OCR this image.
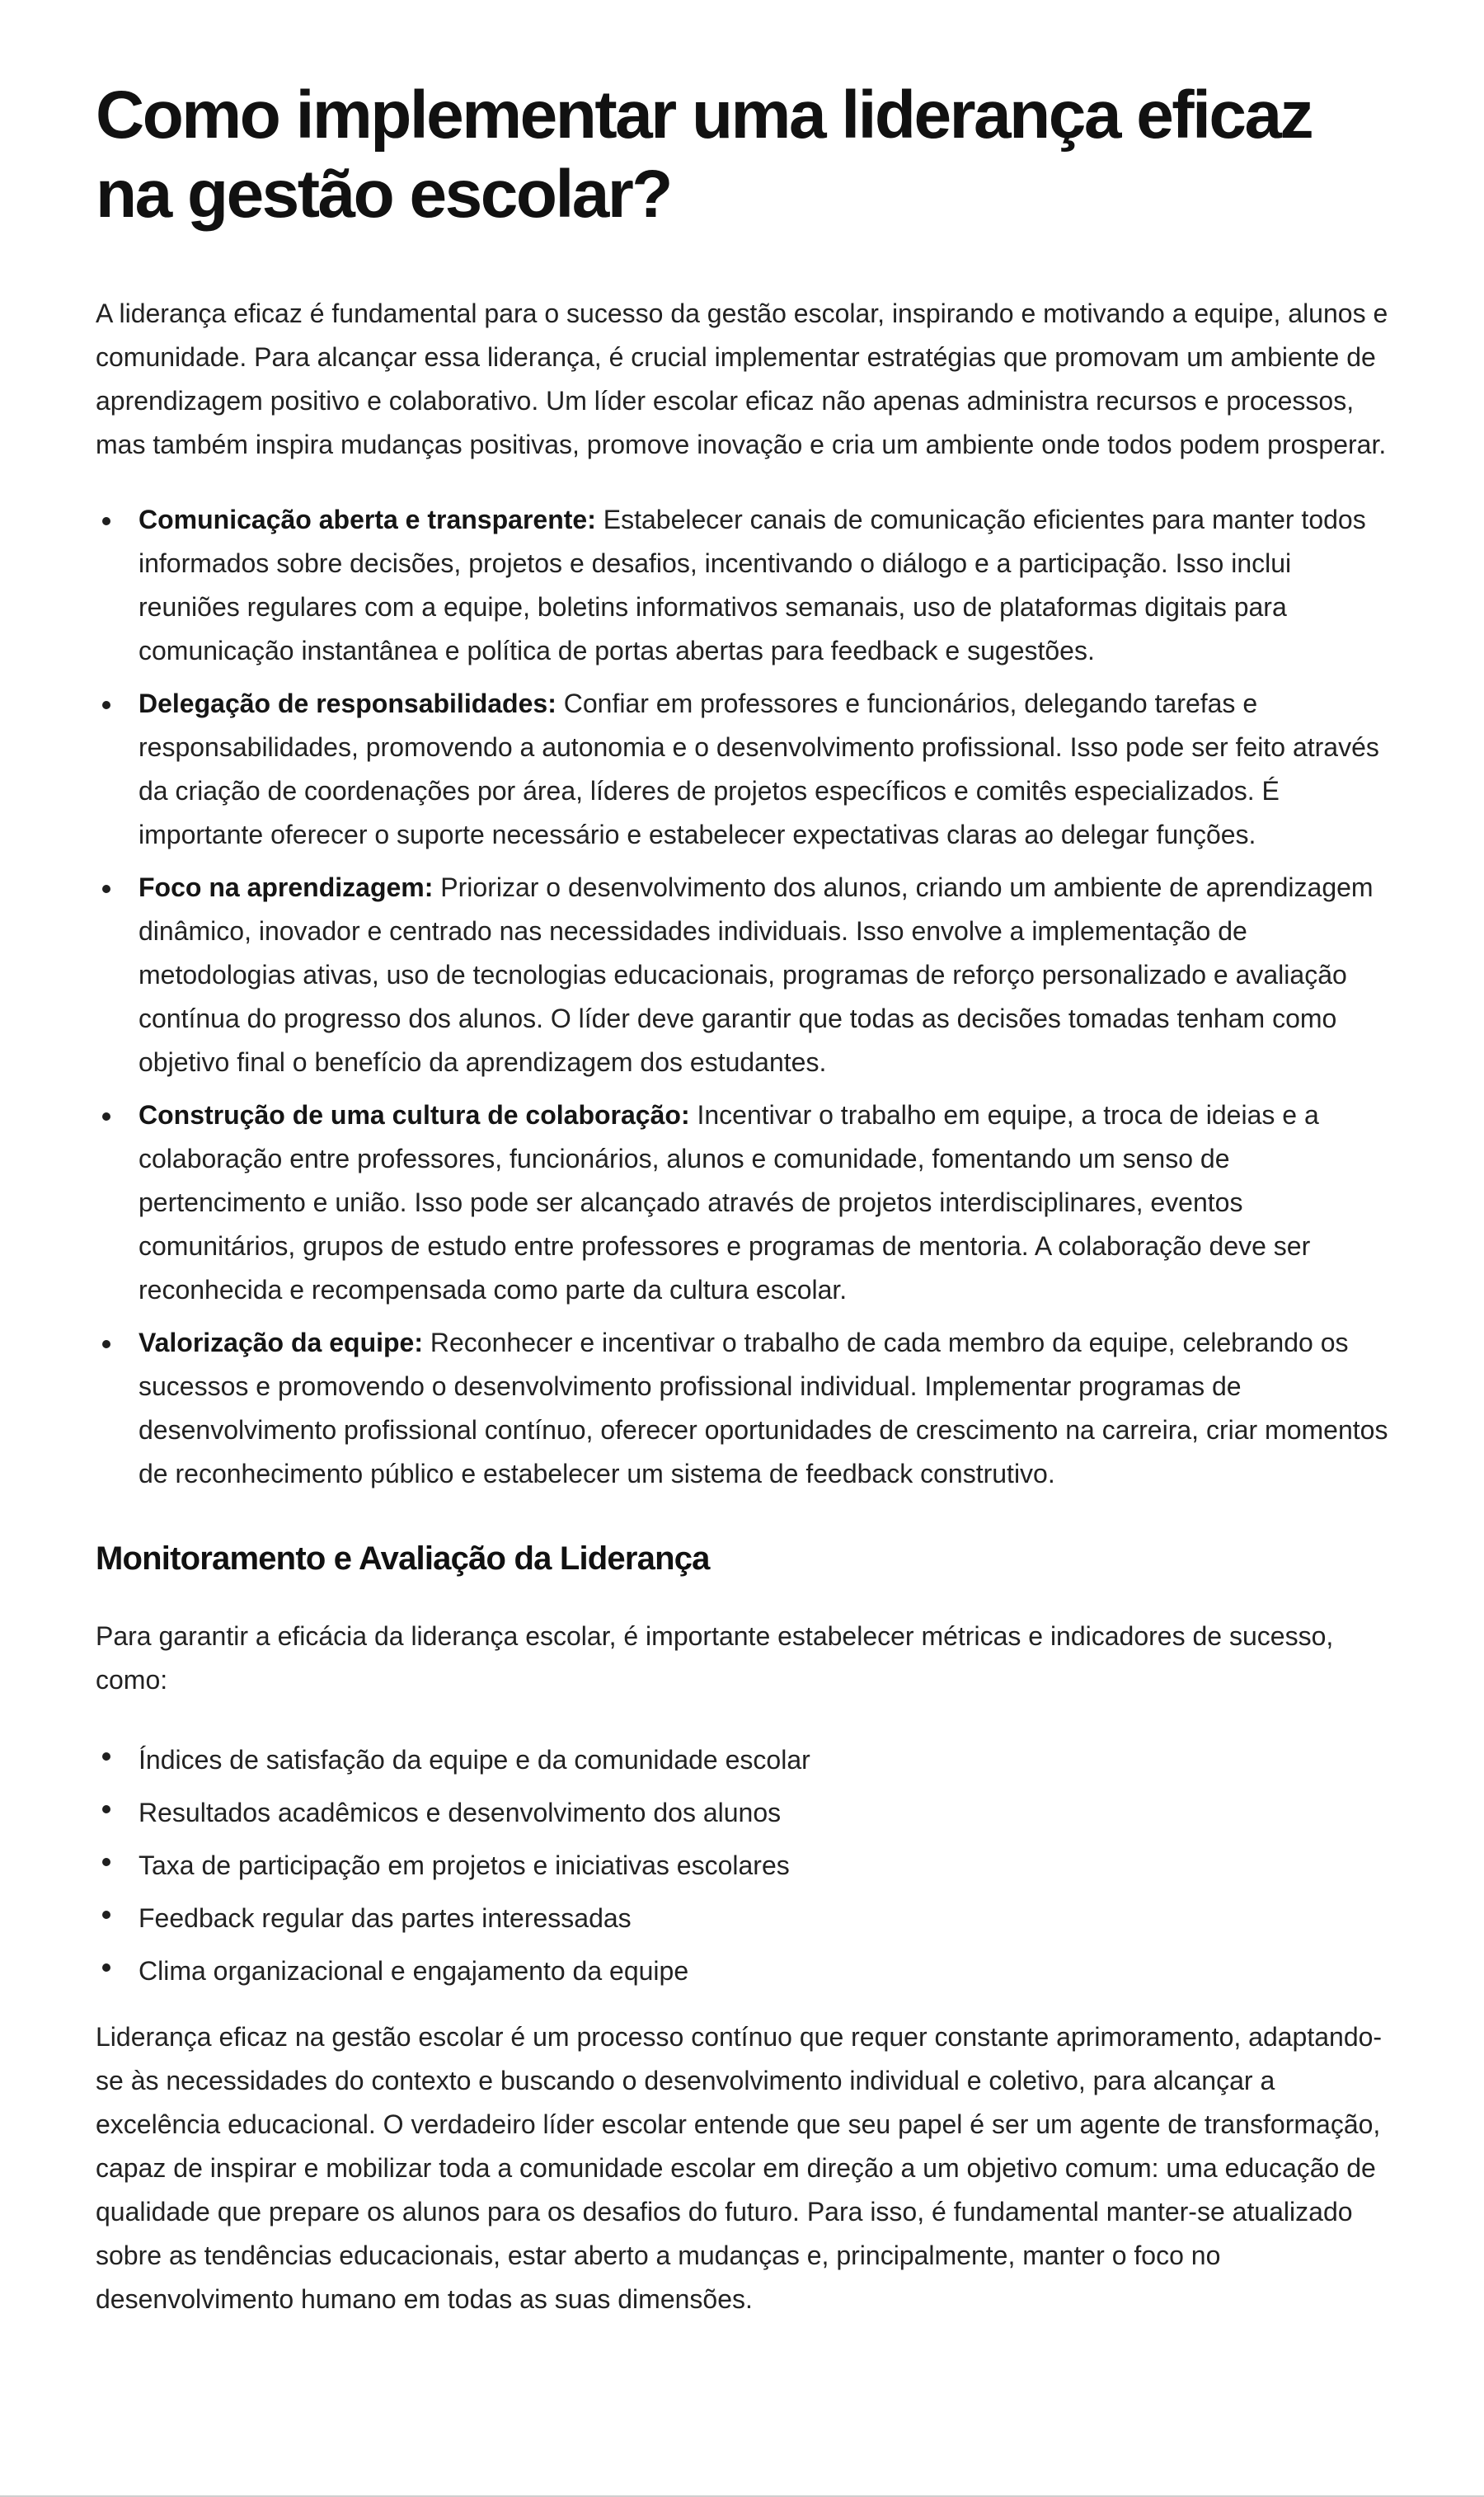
Como implementar uma liderança eficaz na gestão escolar?

A liderança eficaz é fundamental para o sucesso da gestão escolar, inspirando e motivando a equipe, alunos e comunidade. Para alcançar essa liderança, é crucial implementar estratégias que promovam um ambiente de aprendizagem positivo e colaborativo. Um líder escolar eficaz não apenas administra recursos e processos, mas também inspira mudanças positivas, promove inovação e cria um ambiente onde todos podem prosperar.

Comunicação aberta e transparente: Estabelecer canais de comunicação eficientes para manter todos informados sobre decisões, projetos e desafios, incentivando o diálogo e a participação. Isso inclui reuniões regulares com a equipe, boletins informativos semanais, uso de plataformas digitais para comunicação instantânea e política de portas abertas para feedback e sugestões.
Delegação de responsabilidades: Confiar em professores e funcionários, delegando tarefas e responsabilidades, promovendo a autonomia e o desenvolvimento profissional. Isso pode ser feito através da criação de coordenações por área, líderes de projetos específicos e comitês especializados. É importante oferecer o suporte necessário e estabelecer expectativas claras ao delegar funções.
Foco na aprendizagem: Priorizar o desenvolvimento dos alunos, criando um ambiente de aprendizagem dinâmico, inovador e centrado nas necessidades individuais. Isso envolve a implementação de metodologias ativas, uso de tecnologias educacionais, programas de reforço personalizado e avaliação contínua do progresso dos alunos. O líder deve garantir que todas as decisões tomadas tenham como objetivo final o benefício da aprendizagem dos estudantes.
Construção de uma cultura de colaboração: Incentivar o trabalho em equipe, a troca de ideias e a colaboração entre professores, funcionários, alunos e comunidade, fomentando um senso de pertencimento e união. Isso pode ser alcançado através de projetos interdisciplinares, eventos comunitários, grupos de estudo entre professores e programas de mentoria. A colaboração deve ser reconhecida e recompensada como parte da cultura escolar.
Valorização da equipe: Reconhecer e incentivar o trabalho de cada membro da equipe, celebrando os sucessos e promovendo o desenvolvimento profissional individual. Implementar programas de desenvolvimento profissional contínuo, oferecer oportunidades de crescimento na carreira, criar momentos de reconhecimento público e estabelecer um sistema de feedback construtivo.
Monitoramento e Avaliação da Liderança

Para garantir a eficácia da liderança escolar, é importante estabelecer métricas e indicadores de sucesso, como:

Índices de satisfação da equipe e da comunidade escolar
Resultados acadêmicos e desenvolvimento dos alunos
Taxa de participação em projetos e iniciativas escolares
Feedback regular das partes interessadas
Clima organizacional e engajamento da equipe

Liderança eficaz na gestão escolar é um processo contínuo que requer constante aprimoramento, adaptando-se às necessidades do contexto e buscando o desenvolvimento individual e coletivo, para alcançar a excelência educacional. O verdadeiro líder escolar entende que seu papel é ser um agente de transformação, capaz de inspirar e mobilizar toda a comunidade escolar em direção a um objetivo comum: uma educação de qualidade que prepare os alunos para os desafios do futuro. Para isso, é fundamental manter-se atualizado sobre as tendências educacionais, estar aberto a mudanças e, principalmente, manter o foco no desenvolvimento humano em todas as suas dimensões.
